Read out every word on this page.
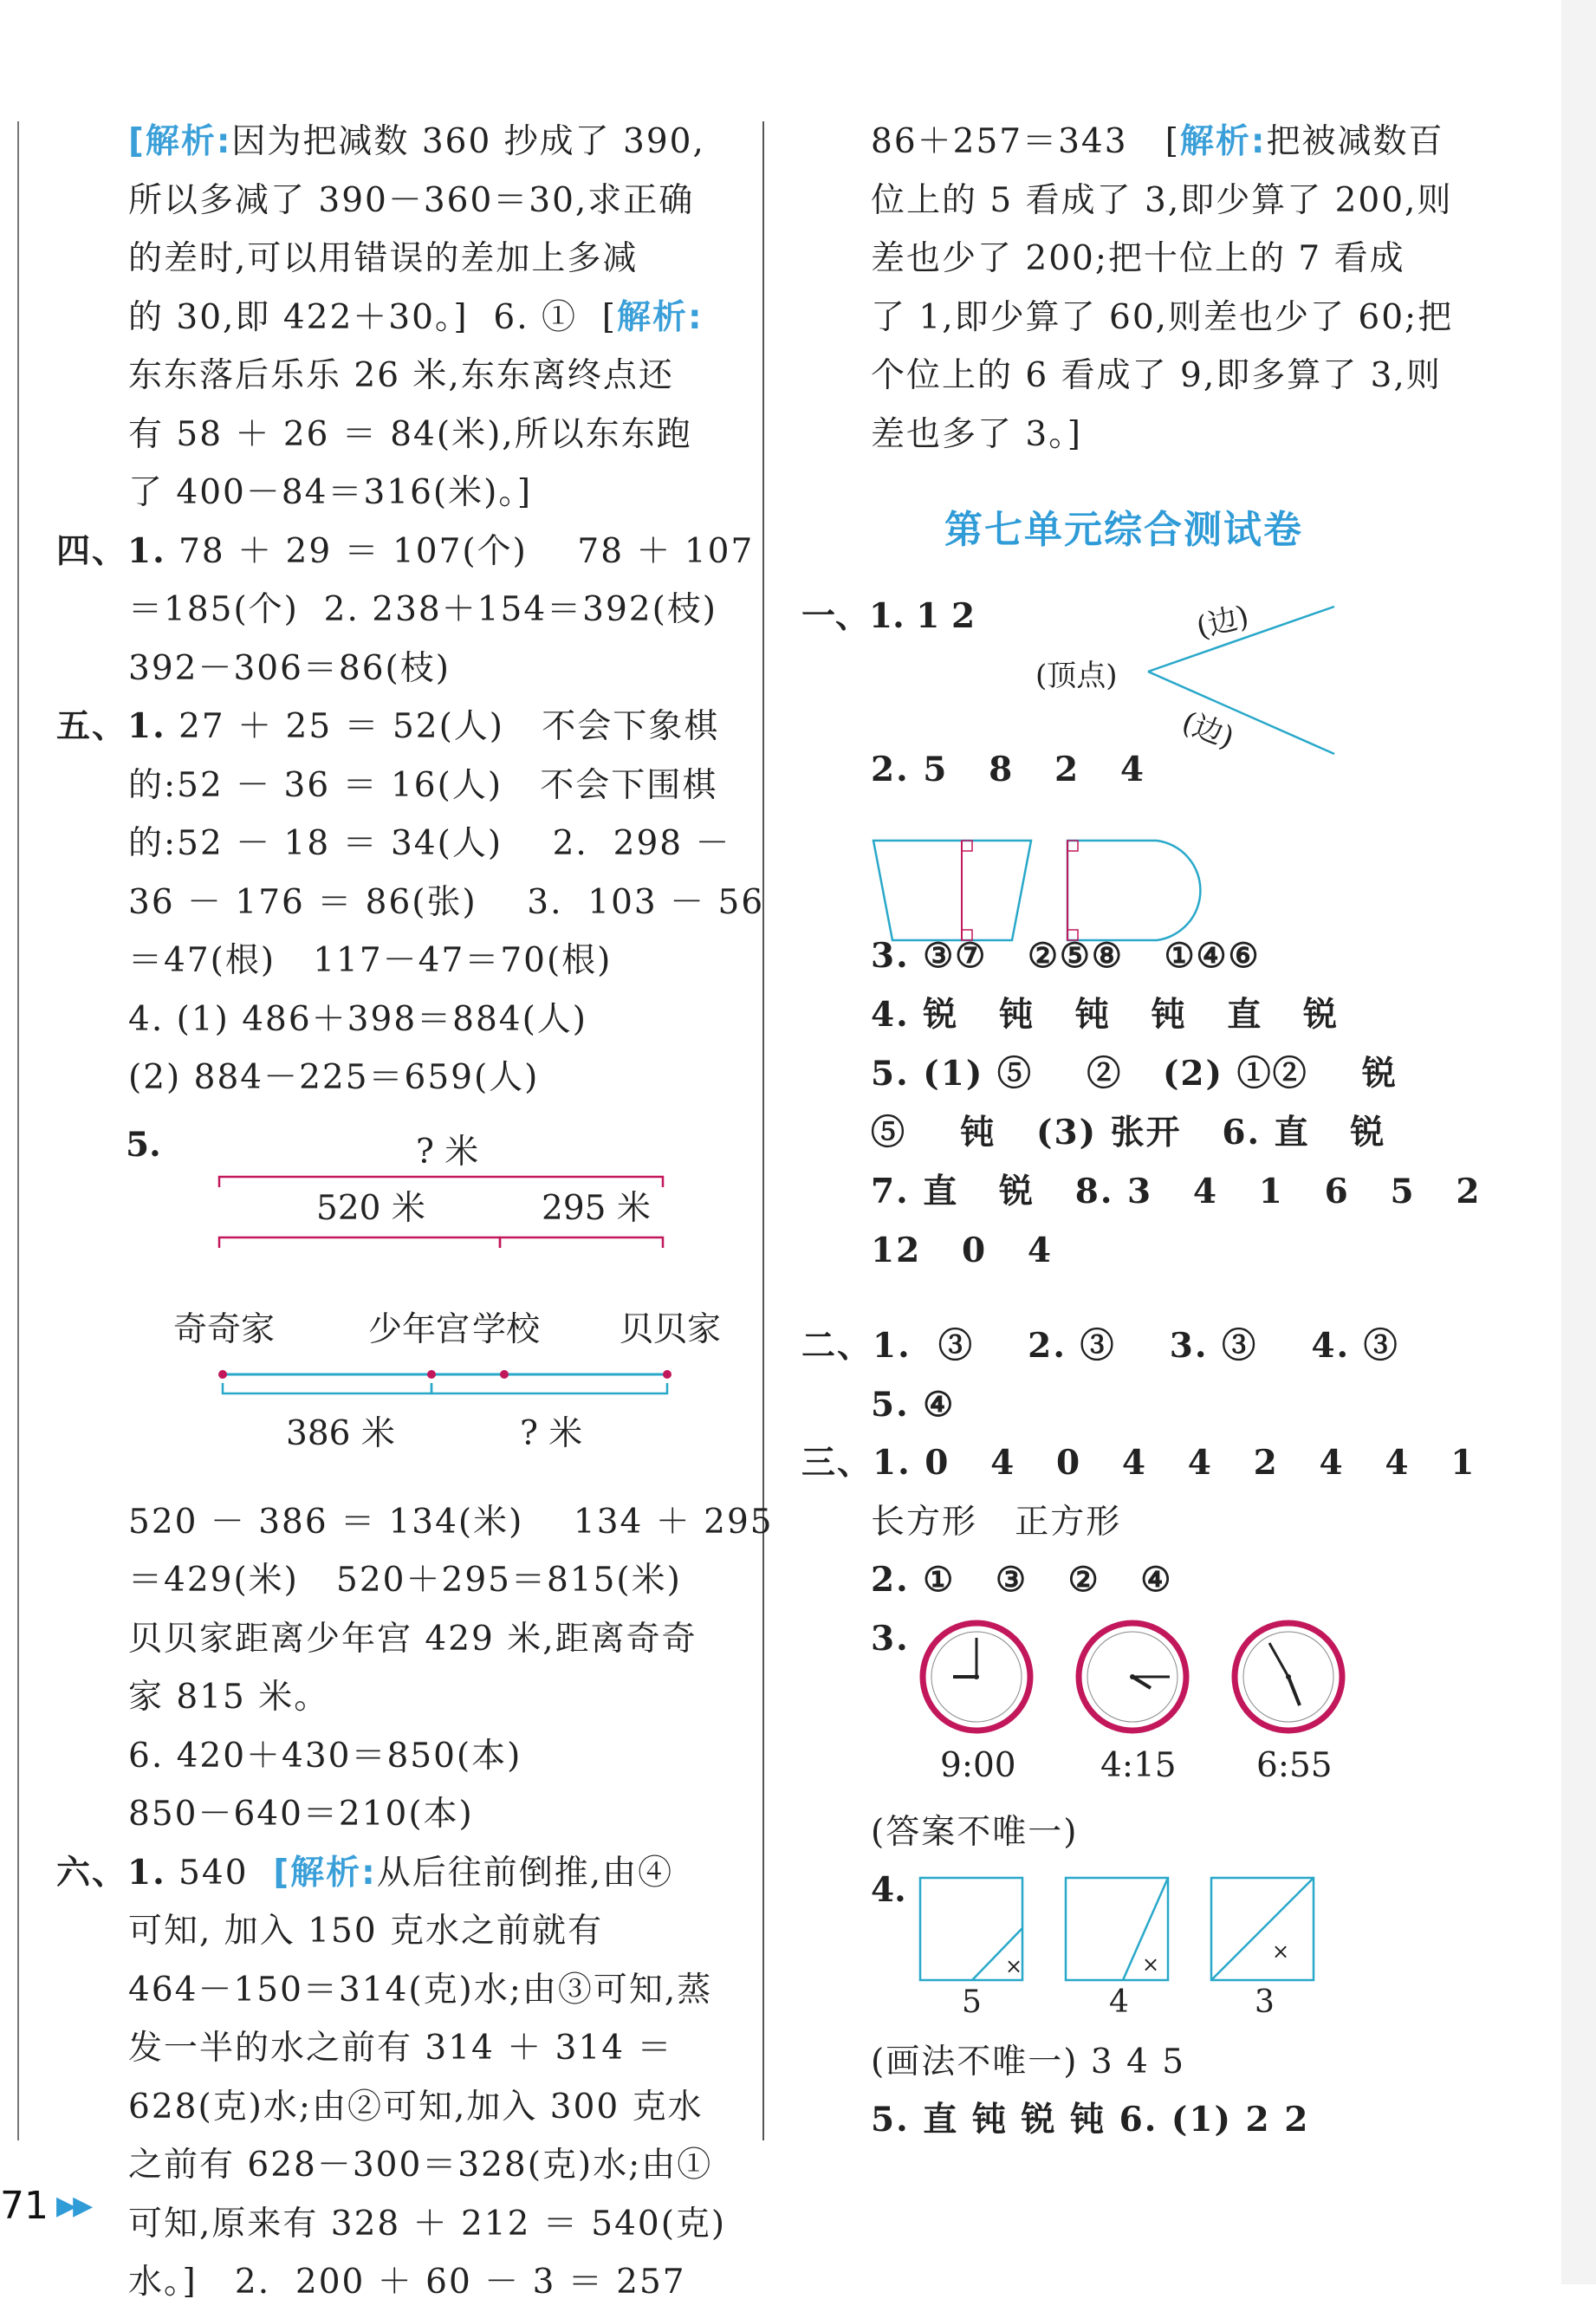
[解析:因为把减数 360 抄成了 390,
所以多减了 390－360＝30,求正确
的差时,可以用错误的差加上多减
的 30,即 422＋30。]  6. ①  [解析:
东东落后乐乐 26 米,东东离终点还
有 58 ＋ 26 ＝ 84(米),所以东东跑
了 400－84＝316(米)。]
四、1. 78 ＋ 29 ＝ 107(个)    78 ＋ 107
＝185(个)  2. 238＋154＝392(枝)
392－306＝86(枝)
五、1. 27 ＋ 25 ＝ 52(人)   不会下象棋
的:52 － 36 ＝ 16(人)   不会下围棋
的:52 － 18 ＝ 34(人)    2.  298 －
36 － 176 ＝ 86(张)    3.  103 － 56
＝47(根)   117－47＝70(根)
4. (1) 486＋398＝884(人)
(2) 884－225＝659(人)
5.	? 米
520 米	295 米
奇奇家	少年宫 学校 贝贝家
386 米	? 米
520 － 386 ＝ 134(米)    134 ＋ 295
＝429(米)   520＋295＝815(米)
贝贝家距离少年宫 429 米,距离奇奇
家 815 米。
6. 420＋430＝850(本)
850－640＝210(本)
六、1. 540  [解析:从后往前倒推,由④
可知, 加入 150 克水之前就有
464－150＝314(克)水;由③可知,蒸
发一半的水之前有 314 ＋ 314 ＝
628(克)水;由②可知,加入 300 克水
之前有 628－300＝328(克)水;由①
可知,原来有 328 ＋ 212 ＝ 540(克)
水。]   2.  200 ＋ 60 － 3 ＝ 257
86＋257＝343   [解析:把被减数百
位上的 5 看成了 3,即少算了 200,则
差也少了 200;把十位上的 7 看成
了 1,即少算了 60,则差也少了 60;把
个位上的 6 看成了 9,即多算了 3,则
差也多了 3。]
第七单元综合测试卷
一、1. 1 2
(顶点)
(边)
(边)
2. 5   8   2   4
3. ③⑦   ②⑤⑧   ①④⑥
4. 锐   钝   钝   钝   直   锐
5. (1) ⑤    ②   (2) ①②    锐
⑤    钝   (3) 张开   6. 直   锐
7. 直   锐   8. 3   4   1   6   5   2
12   0   4
二、1.  ③    2. ③    3. ③    4. ③
5. ④
三、1. 0   4   0   4   4   2   4   4   1
长方形   正方形
2. ①   ③   ②   ④
3.
9:00 4:15 6:55
(答案不唯一)
4.
×	×
×
5	4	3
(画法不唯一) 3 4 5
5. 直 钝 锐 钝 6. (1) 2 2
71 ▶▶
